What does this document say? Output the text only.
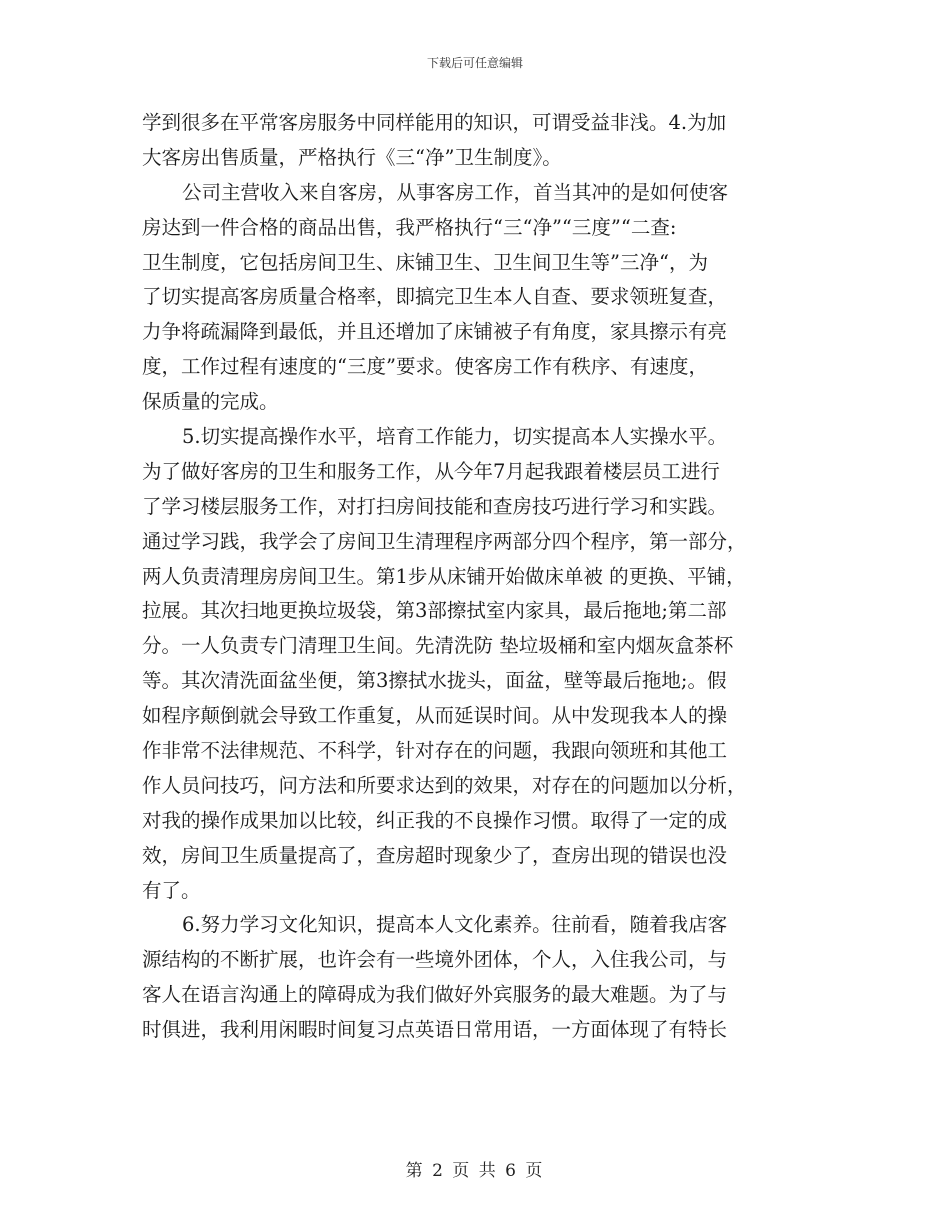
下载后可任意编辑
学到很多在平常客房服务中同样能用的知识，可谓受益非浅。4.为加
大客房出售质量，严格执行《三“净”卫生制度》。
公司主营收入来自客房，从事客房工作，首当其冲的是如何使客
房达到一件合格的商品出售，我严格执行“三“净”“三度”“二查:
卫生制度，它包括房间卫生、床铺卫生、卫生间卫生等”三净“，为
了切实提高客房质量合格率，即搞完卫生本人自查、要求领班复查，
力争将疏漏降到最低，并且还增加了床铺被子有角度，家具擦示有亮
度，工作过程有速度的“三度”要求。使客房工作有秩序、有速度，
保质量的完成。
5.切实提高操作水平，培育工作能力，切实提高本人实操水平。
为了做好客房的卫生和服务工作，从今年7月起我跟着楼层员工进行
了学习楼层服务工作，对打扫房间技能和查房技巧进行学习和实践。
通过学习践，我学会了房间卫生清理程序两部分四个程序，第一部分，
两人负责清理房房间卫生。第1步从床铺开始做床单被 的更换、平铺，
拉展。其次扫地更换垃圾袋，第3部擦拭室内家具，最后拖地;第二部
分。一人负责专门清理卫生间。先清洗防 垫垃圾桶和室内烟灰盒茶杯
等。其次清洗面盆坐便，第3擦拭水拢头，面盆，壁等最后拖地;。假
如程序颠倒就会导致工作重复，从而延误时间。从中发现我本人的操
作非常不法律规范、不科学，针对存在的问题，我跟向领班和其他工
作人员问技巧，问方法和所要求达到的效果，对存在的问题加以分析，
对我的操作成果加以比较，纠正我的不良操作习惯。取得了一定的成
效，房间卫生质量提高了，查房超时现象少了，查房出现的错误也没
有了。
6.努力学习文化知识，提高本人文化素养。往前看，随着我店客
源结构的不断扩展，也许会有一些境外团体，个人，入住我公司，与
客人在语言沟通上的障碍成为我们做好外宾服务的最大难题。为了与
时俱进，我利用闲暇时间复习点英语日常用语，一方面体现了有特长
第 2 页 共 6 页
